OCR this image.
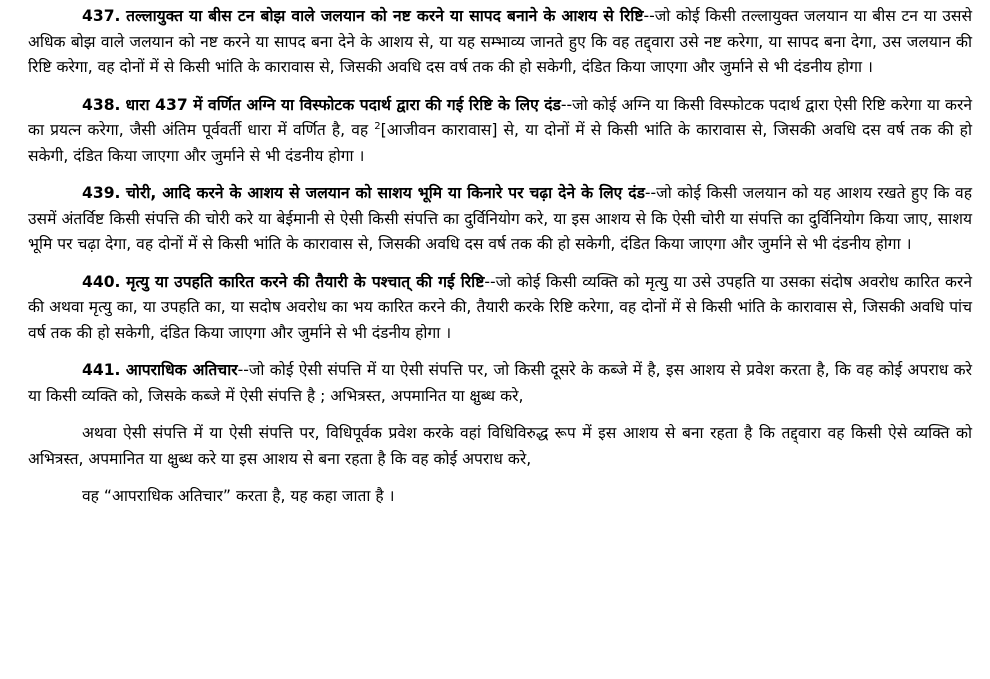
437. तल्लायुक्त या बीस टन बोझ वाले जलयान को नष्ट करने या सापद बनाने के आशय से रिष्टि--जो कोई किसी तल्लायुक्त जलयान या बीस टन या उससे अधिक बोझ वाले जलयान को नष्ट करने या सापद बना देने के आशय से, या यह सम्भाव्य जानते हुए कि वह तद्द्वारा उसे नष्ट करेगा, या सापद बना देगा, उस जलयान की रिष्टि करेगा, वह दोनों में से किसी भांति के कारावास से, जिसकी अवधि दस वर्ष तक की हो सकेगी, दंडित किया जाएगा और जुर्माने से भी दंडनीय होगा ।

438. धारा 437 में वर्णित अग्नि या विस्फोटक पदार्थ द्वारा की गई रिष्टि के लिए दंड--जो कोई अग्नि या किसी विस्फोटक पदार्थ द्वारा ऐसी रिष्टि करेगा या करने का प्रयत्न करेगा, जैसी अंतिम पूर्ववर्ती धारा में वर्णित है, वह $^2$[आजीवन कारावास] से, या दोनों में से किसी भांति के कारावास से, जिसकी अवधि दस वर्ष तक की हो सकेगी, दंडित किया जाएगा और जुर्माने से भी दंडनीय होगा ।

439. चोरी, आदि करने के आशय से जलयान को साशय भूमि या किनारे पर चढ़ा देने के लिए दंड--जो कोई किसी जलयान को यह आशय रखते हुए कि वह उसमें अंतर्विष्ट किसी संपत्ति की चोरी करे या बेईमानी से ऐसी किसी संपत्ति का दुर्विनियोग करे, या इस आशय से कि ऐसी चोरी या संपत्ति का दुर्विनियोग किया जाए, साशय भूमि पर चढ़ा देगा, वह दोनों में से किसी भांति के कारावास से, जिसकी अवधि दस वर्ष तक की हो सकेगी, दंडित किया जाएगा और जुर्माने से भी दंडनीय होगा ।

440. मृत्यु या उपहति कारित करने की तैयारी के पश्चात् की गई रिष्टि--जो कोई किसी व्यक्ति को मृत्यु या उसे उपहति या उसका संदोष अवरोध कारित करने की अथवा मृत्यु का, या उपहति का, या सदोष अवरोध का भय कारित करने की, तैयारी करके रिष्टि करेगा, वह दोनों में से किसी भांति के कारावास से, जिसकी अवधि पांच वर्ष तक की हो सकेगी, दंडित किया जाएगा और जुर्माने से भी दंडनीय होगा ।

441. आपराधिक अतिचार--जो कोई ऐसी संपत्ति में या ऐसी संपत्ति पर, जो किसी दूसरे के कब्जे में है, इस आशय से प्रवेश करता है, कि वह कोई अपराध करे या किसी व्यक्ति को, जिसके कब्जे में ऐसी संपत्ति है ; अभित्रस्त, अपमानित या क्षुब्ध करे,

अथवा ऐसी संपत्ति में या ऐसी संपत्ति पर, विधिपूर्वक प्रवेश करके वहां विधिविरुद्ध रूप में इस आशय से बना रहता है कि तद्द्वारा वह किसी ऐसे व्यक्ति को अभित्रस्त, अपमानित या क्षुब्ध करे या इस आशय से बना रहता है कि वह कोई अपराध करे,

वह “आपराधिक अतिचार” करता है, यह कहा जाता है ।
